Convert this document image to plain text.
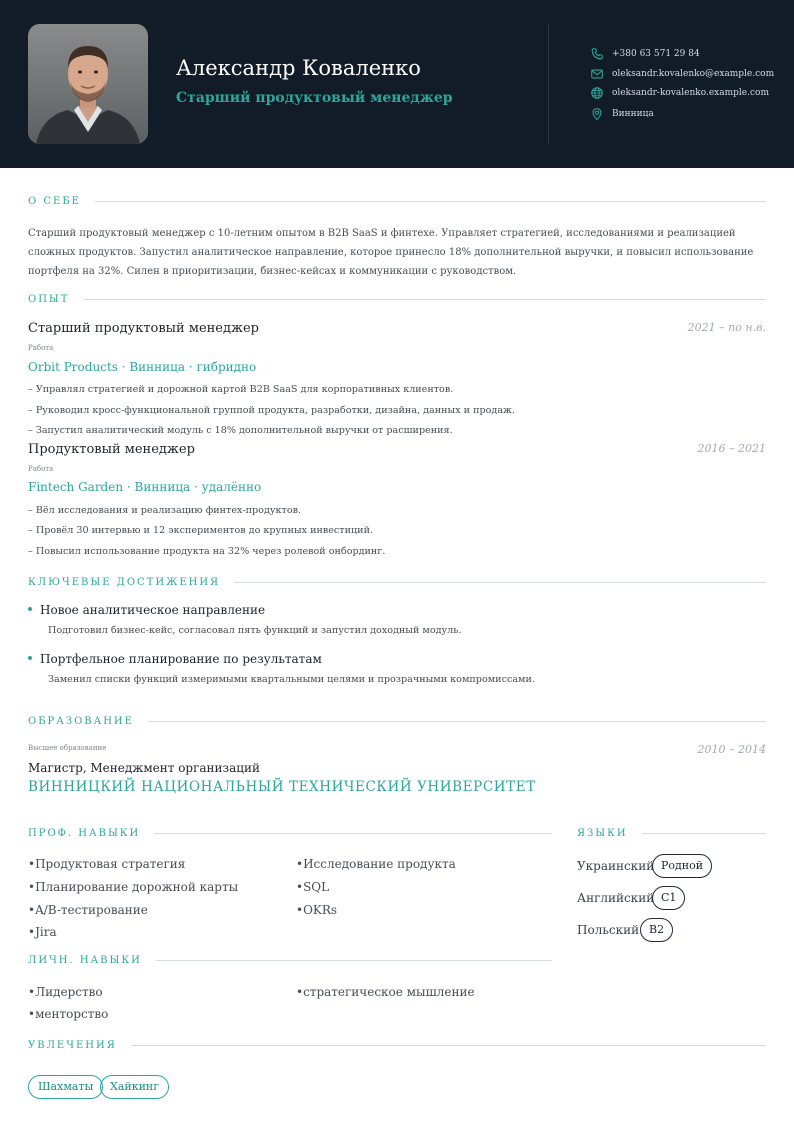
Александр Коваленко
Старший продуктовый менеджер
+380 63 571 29 84
oleksandr.kovalenko@example.com
oleksandr-kovalenko.example.com
Винница
О СЕБЕ
Старший продуктовый менеджер с 10-летним опытом в B2B SaaS и финтехе. Управляет стратегией, исследованиями и реализацией сложных продуктов. Запустил аналитическое направление, которое принесло 18% дополнительной выручки, и повысил использование портфеля на 32%. Силен в приоритизации, бизнес-кейсах и коммуникации с руководством.
ОПЫТ
Старший продуктовый менеджер	2021 – по н.в.
Работа
Orbit Products · Винница · гибридно
– Управлял стратегией и дорожной картой B2B SaaS для корпоративных клиентов.
– Руководил кросс-функциональной группой продукта, разработки, дизайна, данных и продаж.
– Запустил аналитический модуль с 18% дополнительной выручки от расширения.
Продуктовый менеджер	2016 – 2021
Работа
Fintech Garden · Винница · удалённо
– Вёл исследования и реализацию финтех-продуктов.
– Провёл 30 интервью и 12 экспериментов до крупных инвестиций.
– Повысил использование продукта на 32% через ролевой онбординг.
КЛЮЧЕВЫЕ ДОСТИЖЕНИЯ
Новое аналитическое направление
Подготовил бизнес-кейс, согласовал пять функций и запустил доходный модуль.
Портфельное планирование по результатам
Заменил списки функций измеримыми квартальными целями и прозрачными компромиссами.
ОБРАЗОВАНИЕ
Высшее образование	2010 – 2014
Магистр, Менеджмент организаций
ВИННИЦКИЙ НАЦИОНАЛЬНЫЙ ТЕХНИЧЕСКИЙ УНИВЕРСИТЕТ
ПРОФ. НАВЫКИ
•Продуктовая стратегия	•Исследование продукта
•Планирование дорожной карты	•SQL
•A/B-тестирование	•OKRs
•Jira
ЯЗЫКИ
Украинский Родной
Английский C1
Польский B2
ЛИЧН. НАВЫКИ
•Лидерство	•стратегическое мышление
•менторство
УВЛЕЧЕНИЯ
Шахматы	Хайкинг
